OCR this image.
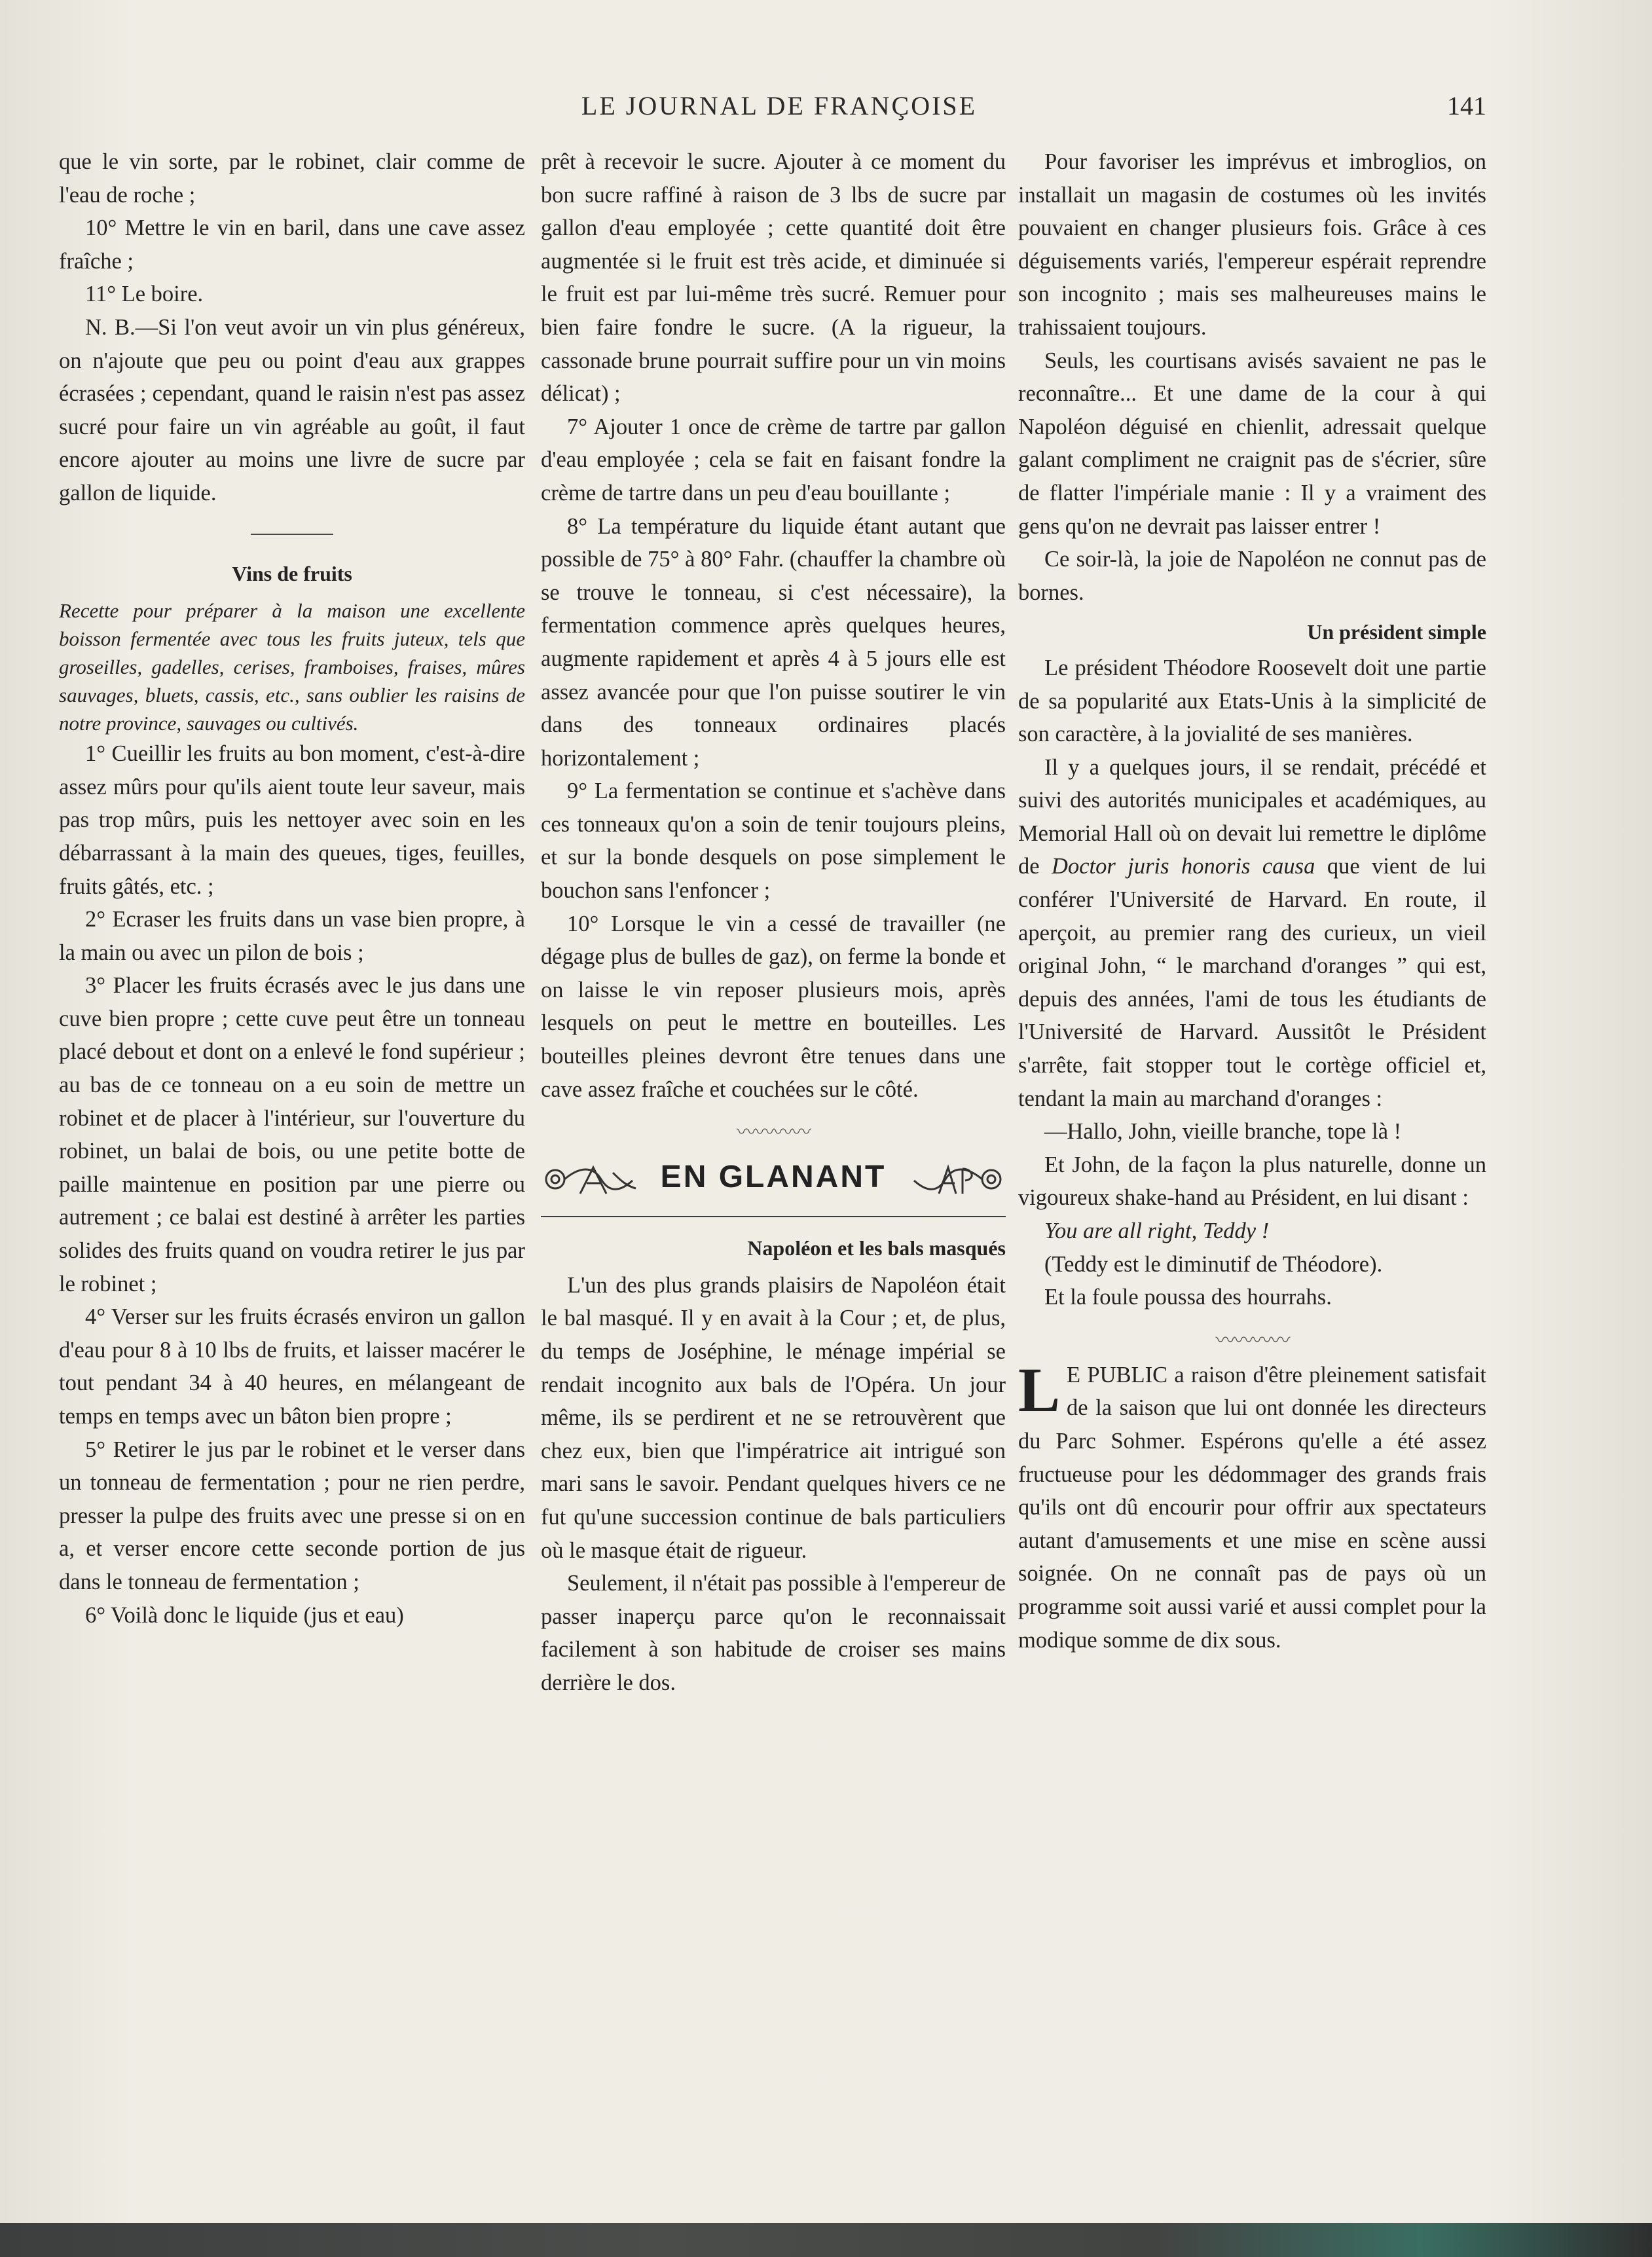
LE JOURNAL DE FRANÇOISE	141

que le vin sorte, par le robinet, clair comme de l'eau de roche ;

10° Mettre le vin en baril, dans une cave assez fraîche ;

11° Le boire.

N. B.—Si l'on veut avoir un vin plus généreux, on n'ajoute que peu ou point d'eau aux grappes écrasées ; cependant, quand le raisin n'est pas assez sucré pour faire un vin agréable au goût, il faut encore ajouter au moins une livre de sucre par gallon de liquide.

Vins de fruits

Recette pour préparer à la maison une excellente boisson fermentée avec tous les fruits juteux, tels que groseilles, gadelles, cerises, framboises, fraises, mûres sauvages, bluets, cassis, etc., sans oublier les raisins de notre province, sauvages ou cultivés.

1° Cueillir les fruits au bon moment, c'est-à-dire assez mûrs pour qu'ils aient toute leur saveur, mais pas trop mûrs, puis les nettoyer avec soin en les débarrassant à la main des queues, tiges, feuilles, fruits gâtés, etc. ;

2° Ecraser les fruits dans un vase bien propre, à la main ou avec un pilon de bois ;

3° Placer les fruits écrasés avec le jus dans une cuve bien propre ; cette cuve peut être un tonneau placé debout et dont on a enlevé le fond supérieur ; au bas de ce tonneau on a eu soin de mettre un robinet et de placer à l'intérieur, sur l'ouverture du robinet, un balai de bois, ou une petite botte de paille maintenue en position par une pierre ou autrement ; ce balai est destiné à arrêter les parties solides des fruits quand on voudra retirer le jus par le robinet ;

4° Verser sur les fruits écrasés environ un gallon d'eau pour 8 à 10 lbs de fruits, et laisser macérer le tout pendant 34 à 40 heures, en mélangeant de temps en temps avec un bâton bien propre ;

5° Retirer le jus par le robinet et le verser dans un tonneau de fermentation ; pour ne rien perdre, presser la pulpe des fruits avec une presse si on en a, et verser encore cette seconde portion de jus dans le tonneau de fermentation ;

6° Voilà donc le liquide (jus et eau)

prêt à recevoir le sucre. Ajouter à ce moment du bon sucre raffiné à raison de 3 lbs de sucre par gallon d'eau employée ; cette quantité doit être augmentée si le fruit est très acide, et diminuée si le fruit est par lui-même très sucré. Remuer pour bien faire fondre le sucre. (A la rigueur, la cassonade brune pourrait suffire pour un vin moins délicat) ;

7° Ajouter 1 once de crème de tartre par gallon d'eau employée ; cela se fait en faisant fondre la crème de tartre dans un peu d'eau bouillante ;

8° La température du liquide étant autant que possible de 75° à 80° Fahr. (chauffer la chambre où se trouve le tonneau, si c'est nécessaire), la fermentation commence après quelques heures, augmente rapidement et après 4 à 5 jours elle est assez avancée pour que l'on puisse soutirer le vin dans des tonneaux ordinaires placés horizontalement ;

9° La fermentation se continue et s'achève dans ces tonneaux qu'on a soin de tenir toujours pleins, et sur la bonde desquels on pose simplement le bouchon sans l'enfoncer ;

10° Lorsque le vin a cessé de travailler (ne dégage plus de bulles de gaz), on ferme la bonde et on laisse le vin reposer plusieurs mois, après lesquels on peut le mettre en bouteilles. Les bouteilles pleines devront être tenues dans une cave assez fraîche et couchées sur le côté.

〰〰〰〰
EN GLANANT
Napoléon et les bals masqués

L'un des plus grands plaisirs de Napoléon était le bal masqué. Il y en avait à la Cour ; et, de plus, du temps de Joséphine, le ménage impérial se rendait incognito aux bals de l'Opéra. Un jour même, ils se perdirent et ne se retrouvèrent que chez eux, bien que l'impératrice ait intrigué son mari sans le savoir. Pendant quelques hivers ce ne fut qu'une succession continue de bals particuliers où le masque était de rigueur.

Seulement, il n'était pas possible à l'empereur de passer inaperçu parce qu'on le reconnaissait facilement à son habitude de croiser ses mains derrière le dos.

Pour favoriser les imprévus et imbroglios, on installait un magasin de costumes où les invités pouvaient en changer plusieurs fois. Grâce à ces déguisements variés, l'empereur espérait reprendre son incognito ; mais ses malheureuses mains le trahissaient toujours.

Seuls, les courtisans avisés savaient ne pas le reconnaître... Et une dame de la cour à qui Napoléon déguisé en chienlit, adressait quelque galant compliment ne craignit pas de s'écrier, sûre de flatter l'impériale manie : Il y a vraiment des gens qu'on ne devrait pas laisser entrer !

Ce soir-là, la joie de Napoléon ne connut pas de bornes.

Un président simple

Le président Théodore Roosevelt doit une partie de sa popularité aux Etats-Unis à la simplicité de son caractère, à la jovialité de ses manières.

Il y a quelques jours, il se rendait, précédé et suivi des autorités municipales et académiques, au Memorial Hall où on devait lui remettre le diplôme de Doctor juris honoris causa que vient de lui conférer l'Université de Harvard. En route, il aperçoit, au premier rang des curieux, un vieil original John, “ le marchand d'oranges ” qui est, depuis des années, l'ami de tous les étudiants de l'Université de Harvard. Aussitôt le Président s'arrête, fait stopper tout le cortège officiel et, tendant la main au marchand d'oranges :

—Hallo, John, vieille branche, tope là !

Et John, de la façon la plus naturelle, donne un vigoureux shake-hand au Président, en lui disant :

You are all right, Teddy !

(Teddy est le diminutif de Théodore).

Et la foule poussa des hourrahs.

〰〰〰〰
L E PUBLIC a raison d'être pleinement satisfait de la saison que lui ont donnée les directeurs du Parc Sohmer. Espérons qu'elle a été assez fructueuse pour les dédommager des grands frais qu'ils ont dû encourir pour offrir aux spectateurs autant d'amusements et une mise en scène aussi soignée. On ne connaît pas de pays où un programme soit aussi varié et aussi complet pour la modique somme de dix sous.
